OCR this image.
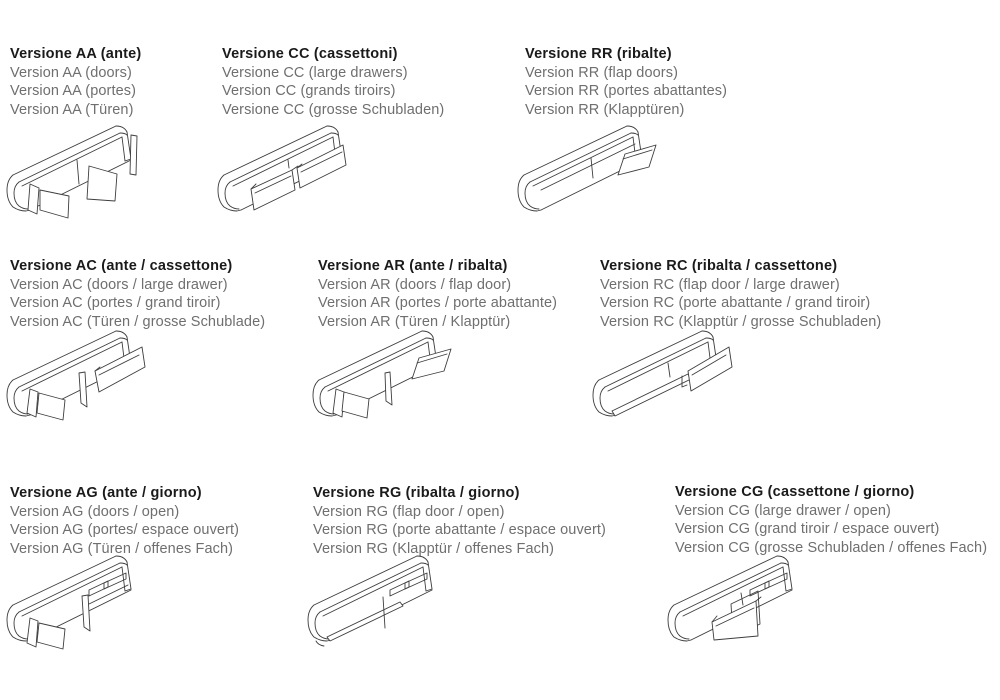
Versione AA (ante)

Version AA (doors)

Version AA (portes)

Version AA (Türen)

Versione CC (cassettoni)

Versione CC (large drawers)

Version CC (grands tiroirs)

Versione CC (grosse Schubladen)

Versione RR (ribalte)

Version RR (flap doors)

Version RR (portes abattantes)

Version RR (Klapptüren)

Versione AC (ante / cassettone)

Version AC (doors / large drawer)

Version AC (portes / grand tiroir)

Version AC (Türen / grosse Schublade)

Versione AR (ante / ribalta)

Version AR (doors / flap door)

Version AR (portes / porte abattante)

Version AR (Türen / Klapptür)

Versione RC (ribalta / cassettone)

Version RC (flap door / large drawer)

Version RC (porte abattante / grand tiroir)

Version RC (Klapptür / grosse Schubladen)

Versione AG (ante / giorno)

Version AG (doors / open)

Version AG (portes/ espace ouvert)

Version AG (Türen / offenes Fach)

Versione RG (ribalta / giorno)

Version RG (flap door / open)

Version RG (porte abattante / espace ouvert)

Version RG (Klapptür / offenes Fach)

Versione CG (cassettone / giorno)

Version CG (large drawer / open)

Version CG (grand tiroir / espace ouvert)

Version CG (grosse Schubladen / offenes Fach)
